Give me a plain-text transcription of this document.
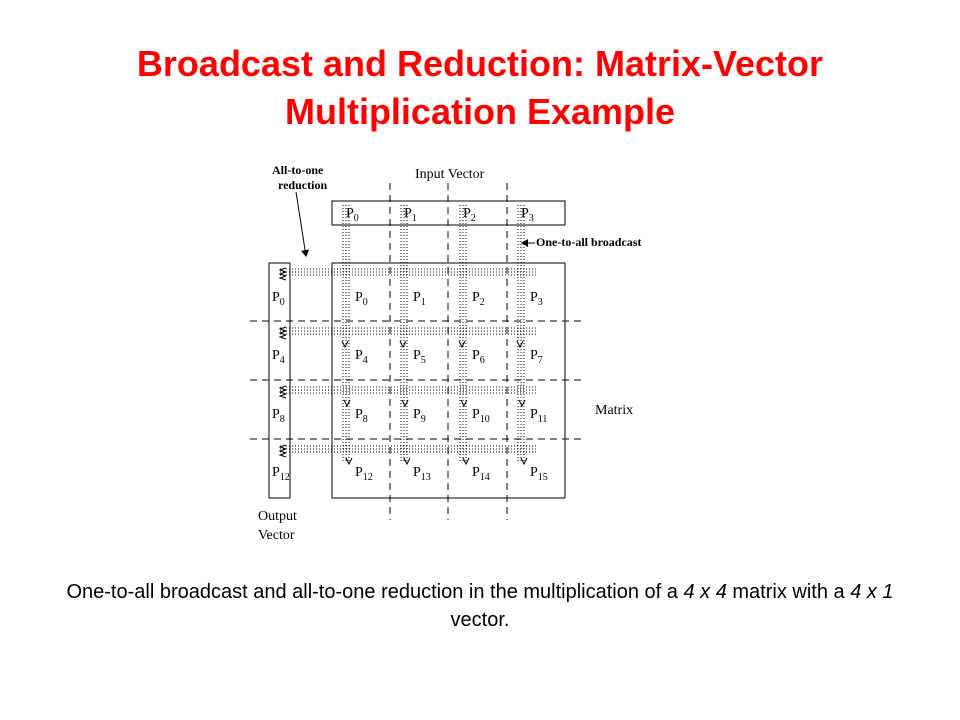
Broadcast and Reduction: Matrix-Vector
Multiplication Example
Input Vector
Matrix
Output
Vector
All-to-one
reduction
One-to-all broadcast
$P_0$	$P_1$	$P_2$	$P_3$
$P_0$	$P_1$	$P_2$	$P_3$
$P_4$	$P_5$	$P_6$	$P_7$
$P_8$	$P_9$	$P_{10}$	$P_{11}$
$P_{12}$	$P_{13}$	$P_{14}$	$P_{15}$
$P_0$
$P_4$
$P_8$
$P_{12}$
One-to-all broadcast and all-to-one reduction in the multiplication of a 4 x 4 matrix with a 4 x 1 vector.
